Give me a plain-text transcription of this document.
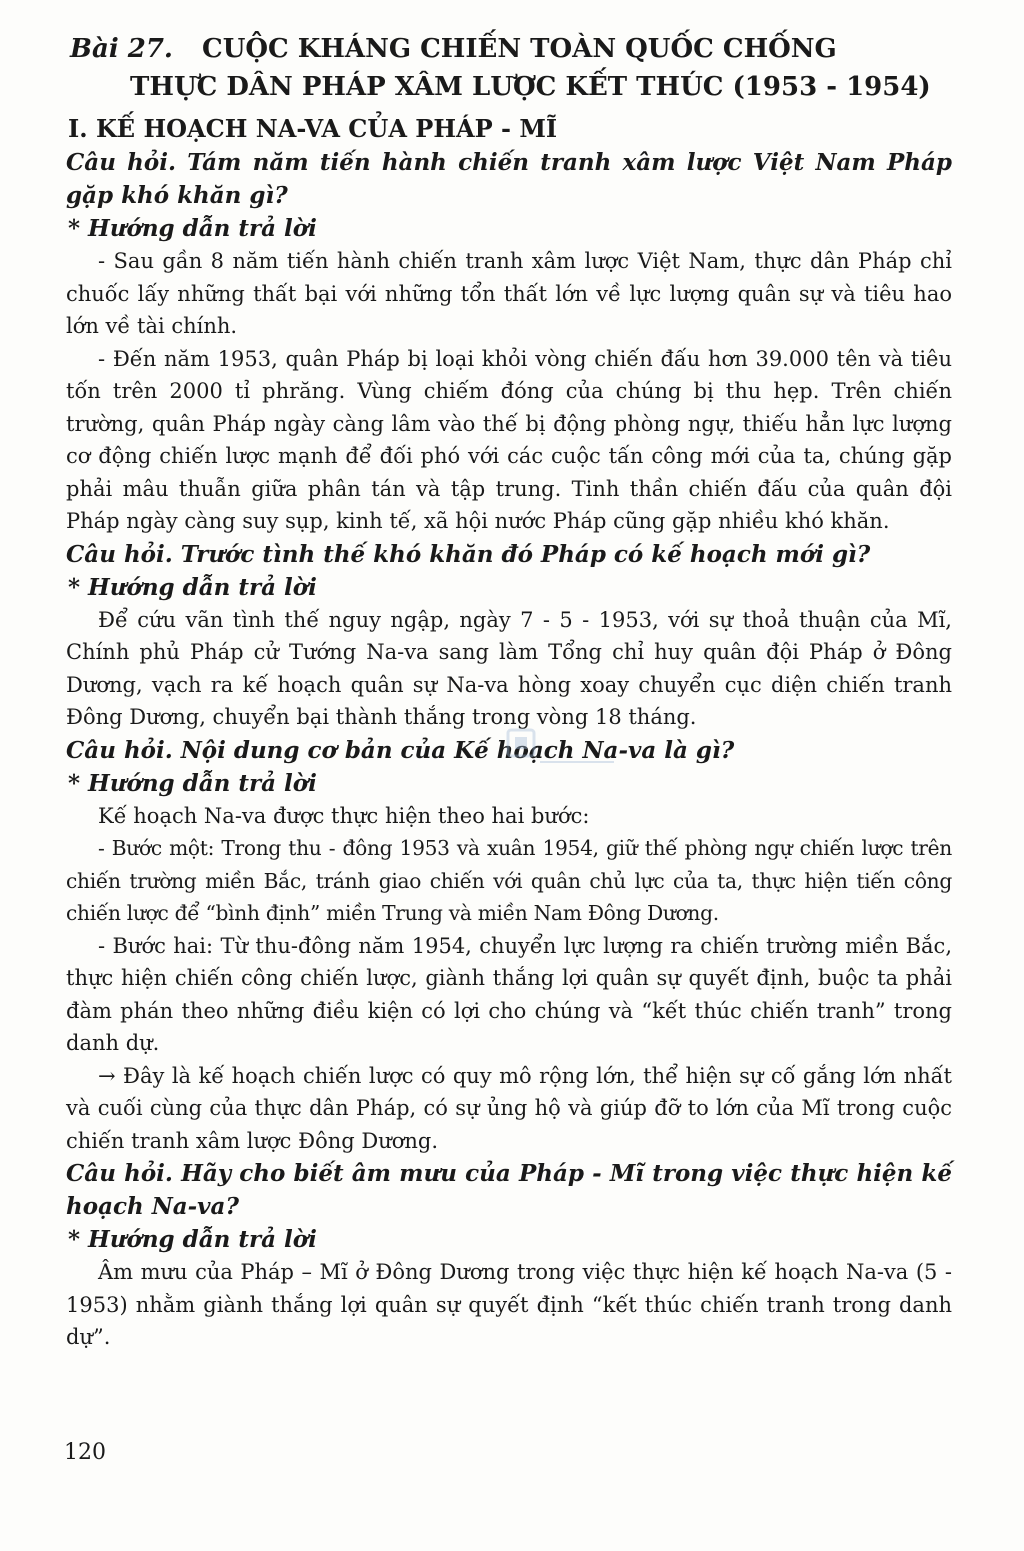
Bài 27.	CUỘC KHÁNG CHIẾN TOÀN QUỐC CHỐNG
THỰC DÂN PHÁP XÂM LƯỢC KẾT THÚC (1953 - 1954)
I. KẾ HOẠCH NA-VA CỦA PHÁP - MĨ

Câu hỏi. Tám năm tiến hành chiến tranh xâm lược Việt Nam Pháp gặp khó khăn gì?

* Hướng dẫn trả lời

- Sau gần 8 năm tiến hành chiến tranh xâm lược Việt Nam, thực dân Pháp chỉ chuốc lấy những thất bại với những tổn thất lớn về lực lượng quân sự và tiêu hao lớn về tài chính.

- Đến năm 1953, quân Pháp bị loại khỏi vòng chiến đấu hơn 39.000 tên và tiêu tốn trên 2000 tỉ phrăng. Vùng chiếm đóng của chúng bị thu hẹp. Trên chiến trường, quân Pháp ngày càng lâm vào thế bị động phòng ngự, thiếu hẳn lực lượng cơ động chiến lược mạnh để đối phó với các cuộc tấn công mới của ta, chúng gặp phải mâu thuẫn giữa phân tán và tập trung. Tinh thần chiến đấu của quân đội Pháp ngày càng suy sụp, kinh tế, xã hội nước Pháp cũng gặp nhiều khó khăn.

Câu hỏi. Trước tình thế khó khăn đó Pháp có kế hoạch mới gì?

* Hướng dẫn trả lời

Để cứu vãn tình thế nguy ngập, ngày 7 - 5 - 1953, với sự thoả thuận của Mĩ, Chính phủ Pháp cử Tướng Na-va sang làm Tổng chỉ huy quân đội Pháp ở Đông Dương, vạch ra kế hoạch quân sự Na-va hòng xoay chuyển cục diện chiến tranh Đông Dương, chuyển bại thành thắng trong vòng 18 tháng.

Câu hỏi. Nội dung cơ bản của Kế hoạch Na-va là gì?

* Hướng dẫn trả lời

Kế hoạch Na-va được thực hiện theo hai bước:

- Bước một: Trong thu - đông 1953 và xuân 1954, giữ thế phòng ngự chiến lược trên chiến trường miền Bắc, tránh giao chiến với quân chủ lực của ta, thực hiện tiến công chiến lược để “bình định” miền Trung và miền Nam Đông Dương.

- Bước hai: Từ thu-đông năm 1954, chuyển lực lượng ra chiến trường miền Bắc, thực hiện chiến công chiến lược, giành thắng lợi quân sự quyết định, buộc ta phải đàm phán theo những điều kiện có lợi cho chúng và “kết thúc chiến tranh” trong danh dự.

→ Đây là kế hoạch chiến lược có quy mô rộng lớn, thể hiện sự cố gắng lớn nhất và cuối cùng của thực dân Pháp, có sự ủng hộ và giúp đỡ to lớn của Mĩ trong cuộc chiến tranh xâm lược Đông Dương.

Câu hỏi. Hãy cho biết âm mưu của Pháp - Mĩ trong việc thực hiện kế hoạch Na-va?

* Hướng dẫn trả lời

Âm mưu của Pháp – Mĩ ở Đông Dương trong việc thực hiện kế hoạch Na-va (5 - 1953) nhằm giành thắng lợi quân sự quyết định “kết thúc chiến tranh trong danh dự”.

120
